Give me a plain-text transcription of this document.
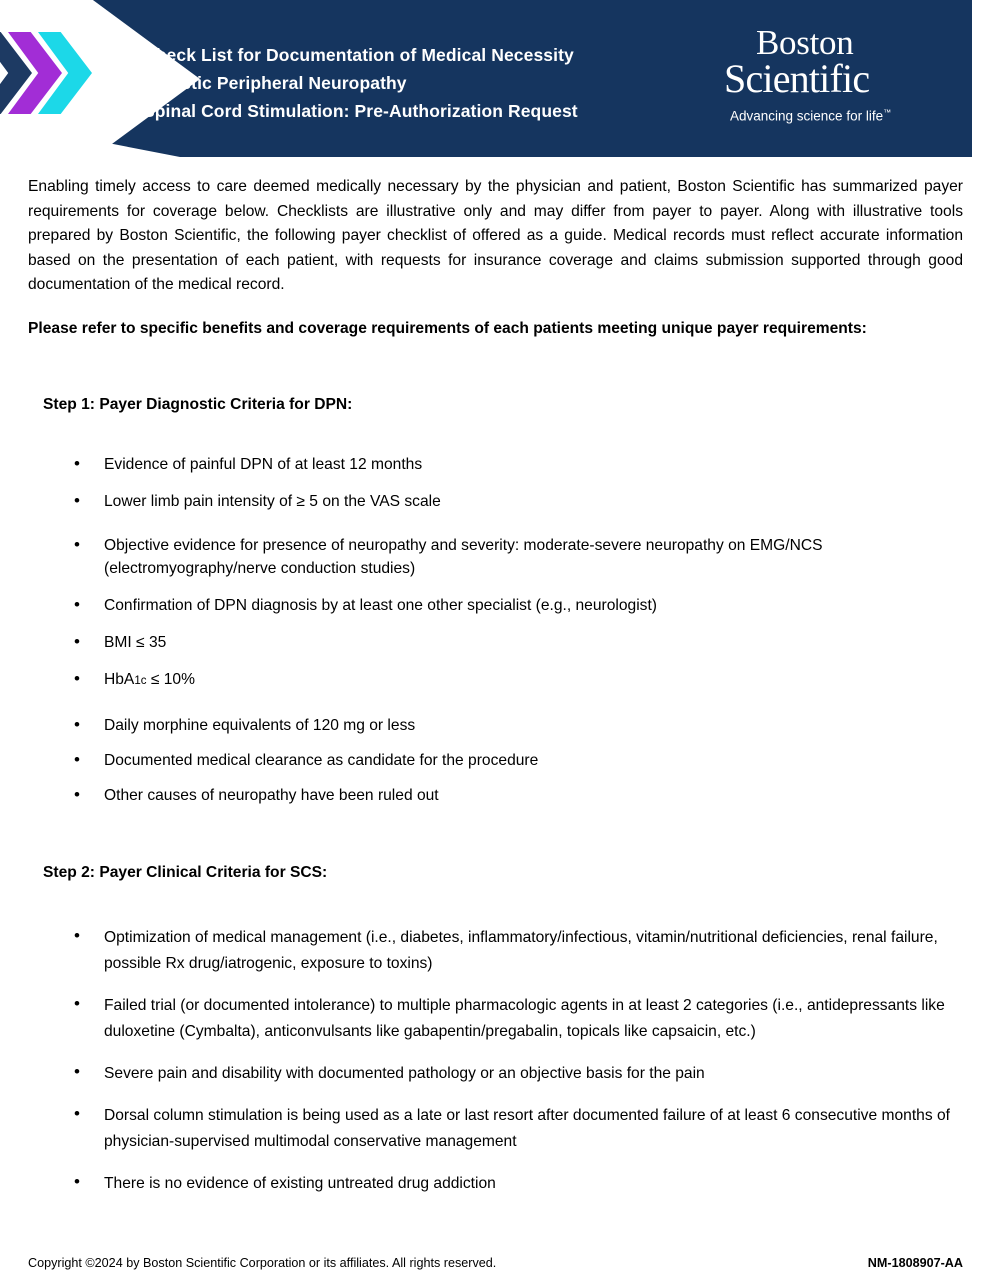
Check List for Documentation of Medical Necessity
Diabetic Peripheral Neuropathy
Spinal Cord Stimulation: Pre-Authorization Request
Boston
Scientific
Advancing science for life™

Enabling timely access to care deemed medically necessary by the physician and patient, Boston Scientific has summarized payer requirements for coverage below. Checklists are illustrative only and may differ from payer to payer. Along with illustrative tools prepared by Boston Scientific, the following payer checklist of offered as a guide. Medical records must reflect accurate information based on the presentation of each patient, with requests for insurance coverage and claims submission supported through good documentation of the medical record.

Please refer to specific benefits and coverage requirements of each patients meeting unique payer requirements:

Step 1: Payer Diagnostic Criteria for DPN:
• Evidence of painful DPN of at least 12 months
• Lower limb pain intensity of ≥ 5 on the VAS scale
• Objective evidence for presence of neuropathy and severity: moderate-severe neuropathy on EMG/NCS (electromyography/nerve conduction studies)
• Confirmation of DPN diagnosis by at least one other specialist (e.g., neurologist)
• BMI ≤ 35
• HbA1c ≤ 10%
• Daily morphine equivalents of 120 mg or less
• Documented medical clearance as candidate for the procedure
• Other causes of neuropathy have been ruled out
Step 2: Payer Clinical Criteria for SCS:
• Optimization of medical management (i.e., diabetes, inflammatory/infectious, vitamin/nutritional deficiencies, renal failure, possible Rx drug/iatrogenic, exposure to toxins)
• Failed trial (or documented intolerance) to multiple pharmacologic agents in at least 2 categories (i.e., antidepressants like duloxetine (Cymbalta), anticonvulsants like gabapentin/pregabalin, topicals like capsaicin, etc.)
• Severe pain and disability with documented pathology or an objective basis for the pain
• Dorsal column stimulation is being used as a late or last resort after documented failure of at least 6 consecutive months of physician-supervised multimodal conservative management
• There is no evidence of existing untreated drug addiction
Copyright ©2024 by Boston Scientific Corporation or its affiliates. All rights reserved.	NM-1808907-AA
